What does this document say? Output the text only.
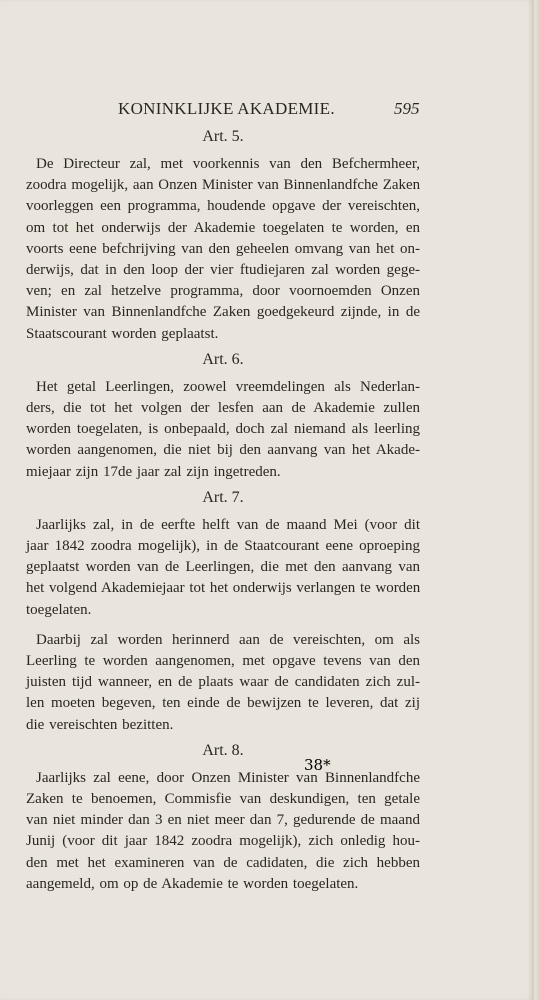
KONINKLIJKE AKADEMIE.	595
Art. 5.

De Directeur zal, met voorkennis van den Befchermheer,
zoodra mogelijk, aan Onzen Minister van Binnenlandfche Zaken
voorleggen een programma, houdende opgave der vereischten,
om tot het onderwijs der Akademie toegelaten te worden, en
voorts eene befchrijving van den geheelen omvang van het on-
derwijs, dat in den loop der vier ftudiejaren zal worden gege-
ven; en zal hetzelve programma, door voornoemden Onzen
Minister van Binnenlandfche Zaken goedgekeurd zijnde, in de
Staatscourant worden geplaatst.

Art. 6.

Het getal Leerlingen, zoowel vreemdelingen als Nederlan-
ders, die tot het volgen der lesfen aan de Akademie zullen
worden toegelaten, is onbepaald, doch zal niemand als leerling
worden aangenomen, die niet bij den aanvang van het Akade-
miejaar zijn 17de jaar zal zijn ingetreden.

Art. 7.

Jaarlijks zal, in de eerfte helft van de maand Mei (voor dit
jaar 1842 zoodra mogelijk), in de Staatcourant eene oproeping
geplaatst worden van de Leerlingen, die met den aanvang van
het volgend Akademiejaar tot het onderwijs verlangen te worden
toegelaten.

Daarbij zal worden herinnerd aan de vereischten, om als
Leerling te worden aangenomen, met opgave tevens van den
juisten tijd wanneer, en de plaats waar de candidaten zich zul-
len moeten begeven, ten einde de bewijzen te leveren, dat zij
die vereischten bezitten.

Art. 8.

Jaarlijks zal eene, door Onzen Minister van Binnenlandfche
Zaken te benoemen, Commisfie van deskundigen, ten getale
van niet minder dan 3 en niet meer dan 7, gedurende de maand
Junij (voor dit jaar 1842 zoodra mogelijk), zich onledig hou-
den met het examineren van de cadidaten, die zich hebben
aangemeld, om op de Akademie te worden toegelaten.

38*
